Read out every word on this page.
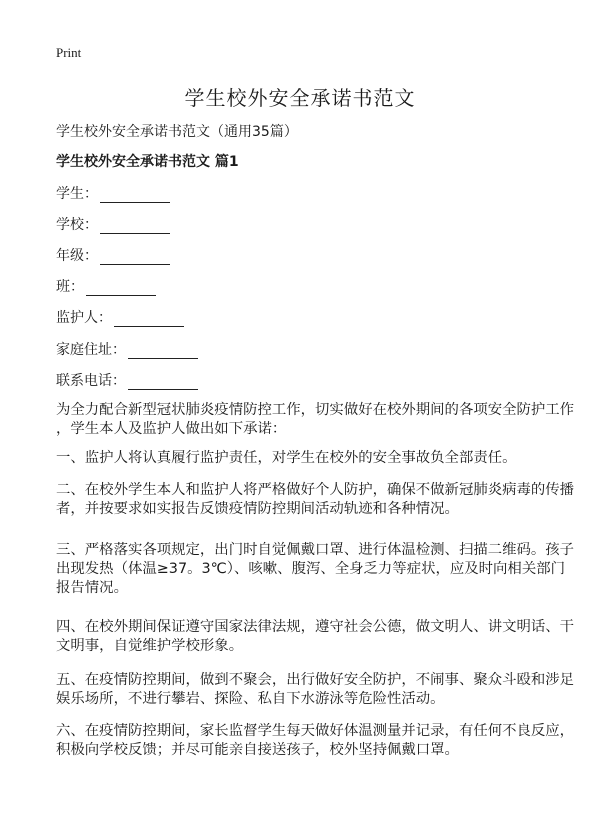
Print
学生校外安全承诺书范文
学生校外安全承诺书范文（通用35篇）
学生校外安全承诺书范文 篇1
学生：
学校：
年级：
班：
监护人：
家庭住址：
联系电话：
为全力配合新型冠状肺炎疫情防控工作，切实做好在校外期间的各项安全防护工作
，学生本人及监护人做出如下承诺：
一、监护人将认真履行监护责任，对学生在校外的安全事故负全部责任。
二、在校外学生本人和监护人将严格做好个人防护，确保不做新冠肺炎病毒的传播
者，并按要求如实报告反馈疫情防控期间活动轨迹和各种情况。
三、严格落实各项规定，出门时自觉佩戴口罩、进行体温检测、扫描二维码。孩子
出现发热（体温≥37。3℃）、咳嗽、腹泻、全身乏力等症状，应及时向相关部门
报告情况。
四、在校外期间保证遵守国家法律法规，遵守社会公德，做文明人、讲文明话、干
文明事，自觉维护学校形象。
五、在疫情防控期间，做到不聚会，出行做好安全防护，不闹事、聚众斗殴和涉足
娱乐场所，不进行攀岩、探险、私自下水游泳等危险性活动。
六、在疫情防控期间，家长监督学生每天做好体温测量并记录，有任何不良反应，
积极向学校反馈；并尽可能亲自接送孩子，校外坚持佩戴口罩。
